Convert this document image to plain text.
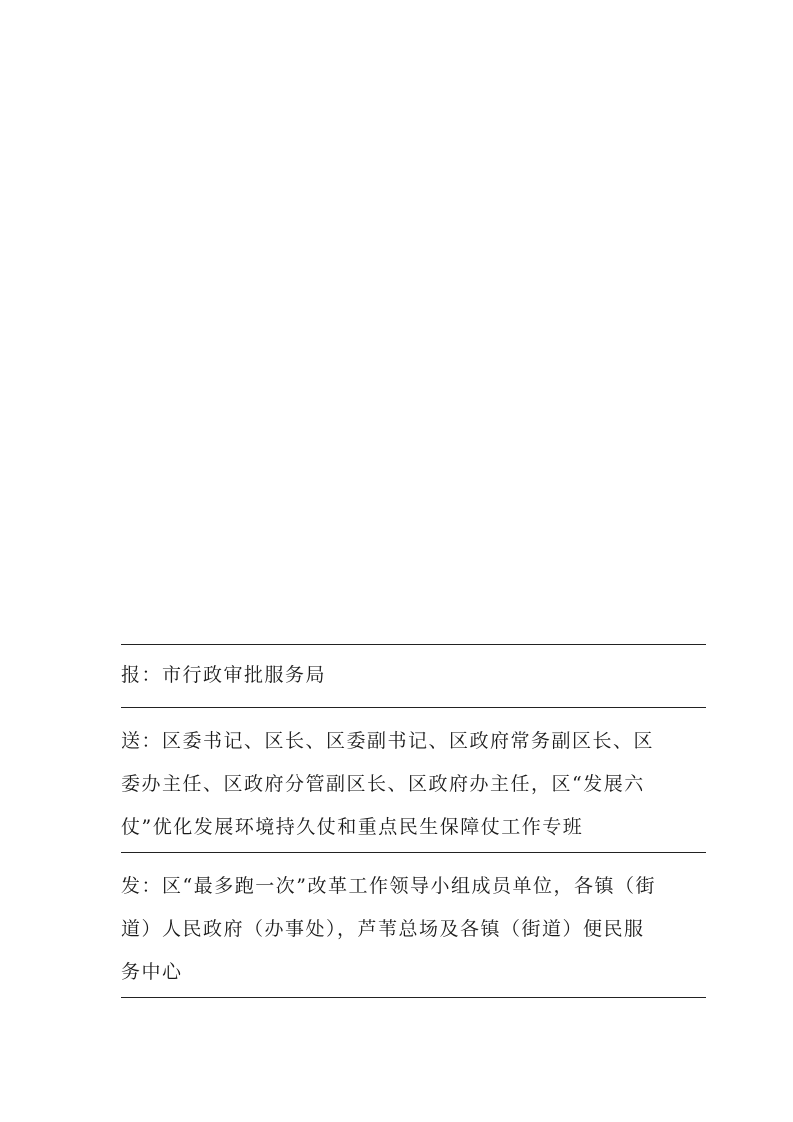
报：市行政审批服务局
送：区委书记、区长、区委副书记、区政府常务副区长、区
委办主任、区政府分管副区长、区政府办主任，区“发展六
仗”优化发展环境持久仗和重点民生保障仗工作专班
发：区“最多跑一次”改革工作领导小组成员单位，各镇（街
道）人民政府（办事处），芦苇总场及各镇（街道）便民服
务中心
